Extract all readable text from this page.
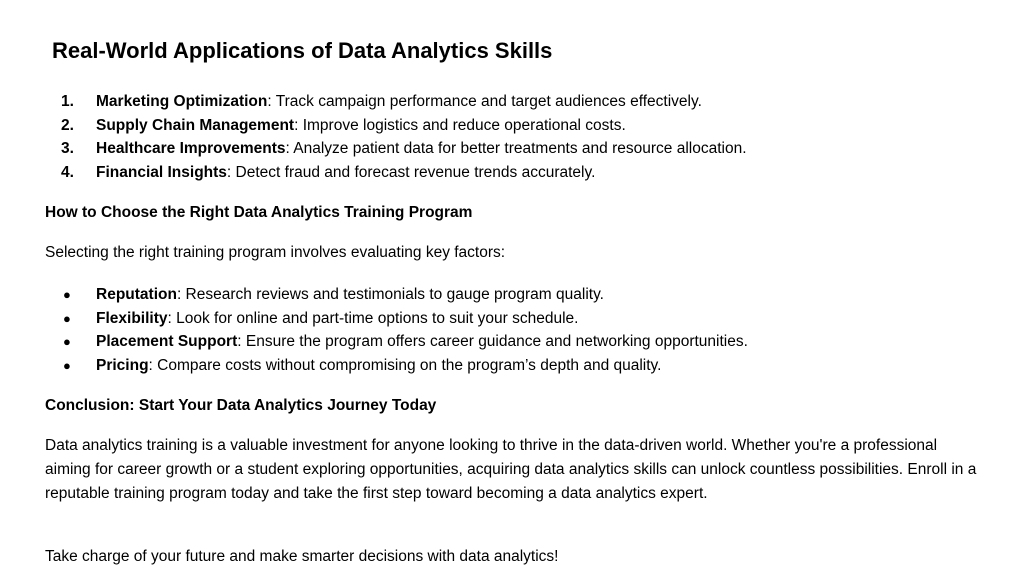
Real-World Applications of Data Analytics Skills
1. Marketing Optimization: Track campaign performance and target audiences effectively.
2. Supply Chain Management: Improve logistics and reduce operational costs.
3. Healthcare Improvements: Analyze patient data for better treatments and resource allocation.
4. Financial Insights: Detect fraud and forecast revenue trends accurately.
How to Choose the Right Data Analytics Training Program
Selecting the right training program involves evaluating key factors:
● Reputation: Research reviews and testimonials to gauge program quality.
● Flexibility: Look for online and part-time options to suit your schedule.
● Placement Support: Ensure the program offers career guidance and networking opportunities.
● Pricing: Compare costs without compromising on the program’s depth and quality.
Conclusion: Start Your Data Analytics Journey Today
Data analytics training is a valuable investment for anyone looking to thrive in the data-driven world. Whether you're a professional aiming for career growth or a student exploring opportunities, acquiring data analytics skills can unlock countless possibilities. Enroll in a reputable training program today and take the first step toward becoming a data analytics expert.
Take charge of your future and make smarter decisions with data analytics!
